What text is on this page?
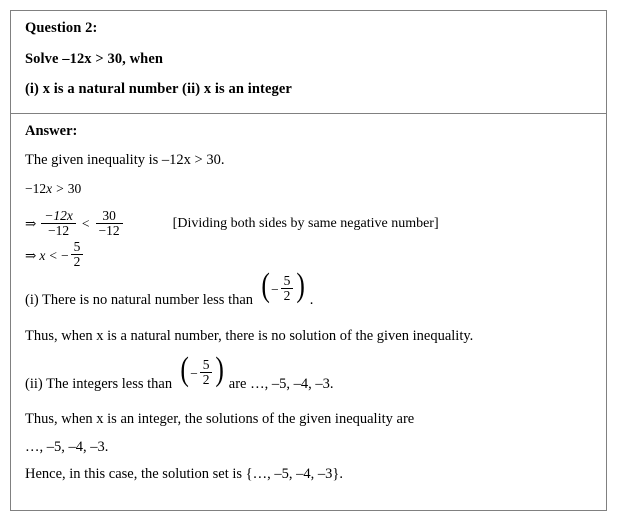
Question 2:
Solve –12x > 30, when
(i) x is a natural number (ii) x is an integer
Answer:
The given inequality is –12x > 30.
−12x > 30
⇒ $\frac{-12x}{-12} < \frac{30}{-12}$	[Dividing both sides by same negative number]
⇒ x < − $\frac{5}{2}$
(i) There is no natural number less than (− $\frac{5}{2}$ ) .
Thus, when x is a natural number, there is no solution of the given inequality.
(ii) The integers less than (− $\frac{5}{2}$ ) are …, –5, –4, –3.
Thus, when x is an integer, the solutions of the given inequality are
…, –5, –4, –3.
Hence, in this case, the solution set is {…, –5, –4, –3}.
